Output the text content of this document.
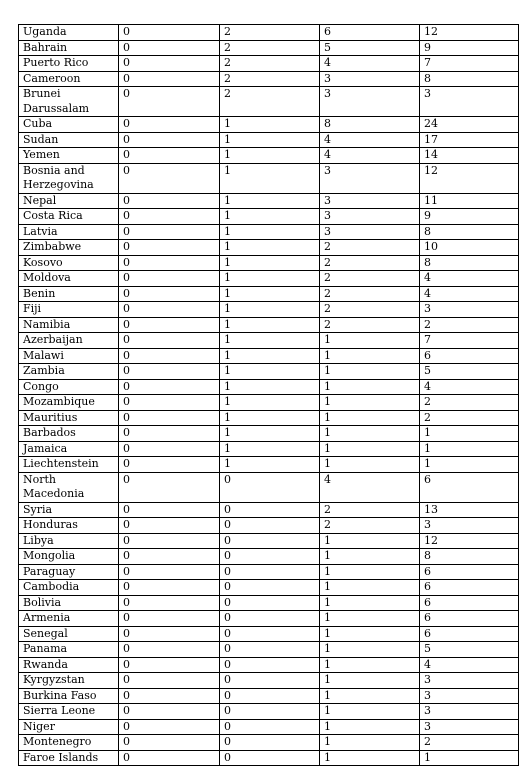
Uganda	0	2	6	12
Bahrain	0	2	5	9
Puerto Rico	0	2	4	7
Cameroon	0	2	3	8
Brunei Darussalam	0	2	3	3
Cuba	0	1	8	24
Sudan	0	1	4	17
Yemen	0	1	4	14
Bosnia and Herzegovina	0	1	3	12
Nepal	0	1	3	11
Costa Rica	0	1	3	9
Latvia	0	1	3	8
Zimbabwe	0	1	2	10
Kosovo	0	1	2	8
Moldova	0	1	2	4
Benin	0	1	2	4
Fiji	0	1	2	3
Namibia	0	1	2	2
Azerbaijan	0	1	1	7
Malawi	0	1	1	6
Zambia	0	1	1	5
Congo	0	1	1	4
Mozambique	0	1	1	2
Mauritius	0	1	1	2
Barbados	0	1	1	1
Jamaica	0	1	1	1
Liechtenstein	0	1	1	1
North Macedonia	0	0	4	6
Syria	0	0	2	13
Honduras	0	0	2	3
Libya	0	0	1	12
Mongolia	0	0	1	8
Paraguay	0	0	1	6
Cambodia	0	0	1	6
Bolivia	0	0	1	6
Armenia	0	0	1	6
Senegal	0	0	1	6
Panama	0	0	1	5
Rwanda	0	0	1	4
Kyrgyzstan	0	0	1	3
Burkina Faso	0	0	1	3
Sierra Leone	0	0	1	3
Niger	0	0	1	3
Montenegro	0	0	1	2
Faroe Islands	0	0	1	1
